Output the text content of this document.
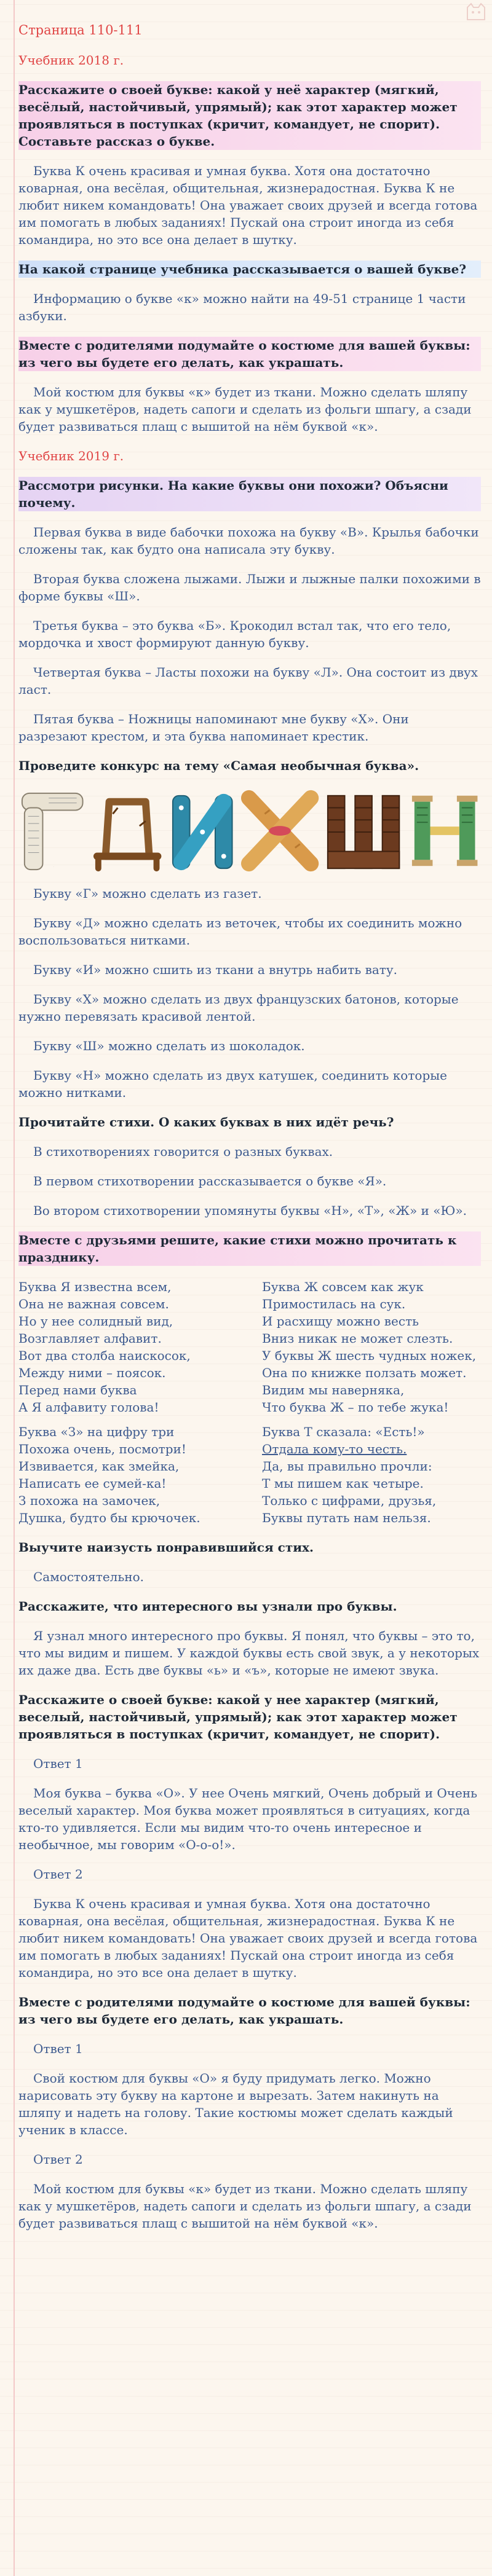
Страница 110-111

Учебник 2018 г.

Расскажите о своей букве: какой у неё характер (мягкий, весёлый, настойчивый, упрямый); как этот характер может проявляться в поступках (кричит, командует, не спорит). Составьте рассказ о букве.

Буква К очень красивая и умная буква. Хотя она достаточно коварная, она весёлая, общительная, жизнерадостная. Буква К не любит никем командовать! Она уважает своих друзей и всегда готова им помогать в любых заданиях! Пускай она строит иногда из себя командира, но это все она делает в шутку.

На какой странице учебника рассказывается о вашей букве?

Информацию о букве «к» можно найти на 49-51 странице 1 части азбуки.

Вместе с родителями подумайте о костюме для вашей буквы: из чего вы будете его делать, как украшать.

Мой костюм для буквы «к» будет из ткани. Можно сделать шляпу как у мушкетёров, надеть сапоги и сделать из фольги шпагу, а сзади будет развиваться плащ с вышитой на нём буквой «к».

Учебник 2019 г.

Рассмотри рисунки. На какие буквы они похожи? Объясни почему.

Первая буква в виде бабочки похожа на букву «В». Крылья бабочки сложены так, как будто она написала эту букву.

Вторая буква сложена лыжами. Лыжи и лыжные палки похожими в форме буквы «Ш».

Третья буква – это буква «Б». Крокодил встал так, что его тело, мордочка и хвост формируют данную букву.

Четвертая буква – Ласты похожи на букву «Л». Она состоит из двух ласт.

Пятая буква – Ножницы напоминают мне букву «Х». Они разрезают крестом, и эта буква напоминает крестик.

Проведите конкурс на тему «Самая необычная буква».

Г

Букву «Г» можно сделать из газет.

Букву «Д» можно сделать из веточек, чтобы их соединить можно воспользоваться нитками.

Букву «И» можно сшить из ткани а внутрь набить вату.

Букву «Х» можно сделать из двух французских батонов, которые нужно перевязать красивой лентой.

Букву «Ш» можно сделать из шоколадок.

Букву «Н» можно сделать из двух катушек, соединить которые можно нитками.

Прочитайте стихи. О каких буквах в них идёт речь?

В стихотворениях говорится о разных буквах.

В первом стихотворении рассказывается о букве «Я».

Во втором стихотворении упомянуты буквы «Н», «Т», «Ж» и «Ю».

Вместе с друзьями решите, какие стихи можно прочитать к празднику.

Буква Я известна всем,
Она не важная совсем.
Но у нее солидный вид,
Возглавляет алфавит.
Вот два столба наискосок,
Между ними – поясок.
Перед нами буква
А Я алфавиту голова!
Буква Ж совсем как жук
Примостилась на сук.
И расхищу можно весть
Вниз никак не может слезть.
У буквы Ж шесть чудных ножек,
Она по книжке ползать может.
Видим мы навернякa,
Что буква Ж – по тебе жука!
Буква «З» на цифру три
Похожа очень, посмотри!
Извивается, как змейка,
Написать ее сумей-ка!
З похожа на замочек,
Душка, будто бы крючочек.
Буква Т сказала: «Есть!»
Отдала кому-то честь.
Да, вы правильно прочли:
Т мы пишем как четыре.
Только с цифрами, друзья,
Буквы путать нам нельзя.

Выучите наизусть понравившийся стих.

Самостоятельно.

Расскажите, что интересного вы узнали про буквы.

Я узнал много интересного про буквы. Я понял, что буквы – это то, что мы видим и пишем. У каждой буквы есть свой звук, а у некоторых их даже два. Есть две буквы «ь» и «ъ», которые не имеют звука.

Расскажите о своей букве: какой у нее характер (мягкий, веселый, настойчивый, упрямый); как этот характер может проявляться в поступках (кричит, командует, не спорит).

Ответ 1

Моя буква – буква «О». У нее Очень мягкий, Очень добрый и Очень веселый характер. Моя буква может проявляться в ситуациях, когда кто-то удивляется. Если мы видим что-то очень интересное и необычное, мы говорим «О-о-о!».

Ответ 2

Буква К очень красивая и умная буква. Хотя она достаточно коварная, она весёлая, общительная, жизнерадостная. Буква К не любит никем командовать! Она уважает своих друзей и всегда готова им помогать в любых заданиях! Пускай она строит иногда из себя командира, но это все она делает в шутку.

Вместе с родителями подумайте о костюме для вашей буквы: из чего вы будете его делать, как украшать.

Ответ 1

Свой костюм для буквы «О» я буду придумать легко. Можно нарисовать эту букву на картоне и вырезать. Затем накинуть на шляпу и надеть на голову. Такие костюмы может сделать каждый ученик в классе.

Ответ 2

Мой костюм для буквы «к» будет из ткани. Можно сделать шляпу как у мушкетёров, надеть сапоги и сделать из фольги шпагу, а сзади будет развиваться плащ с вышитой на нём буквой «к».
